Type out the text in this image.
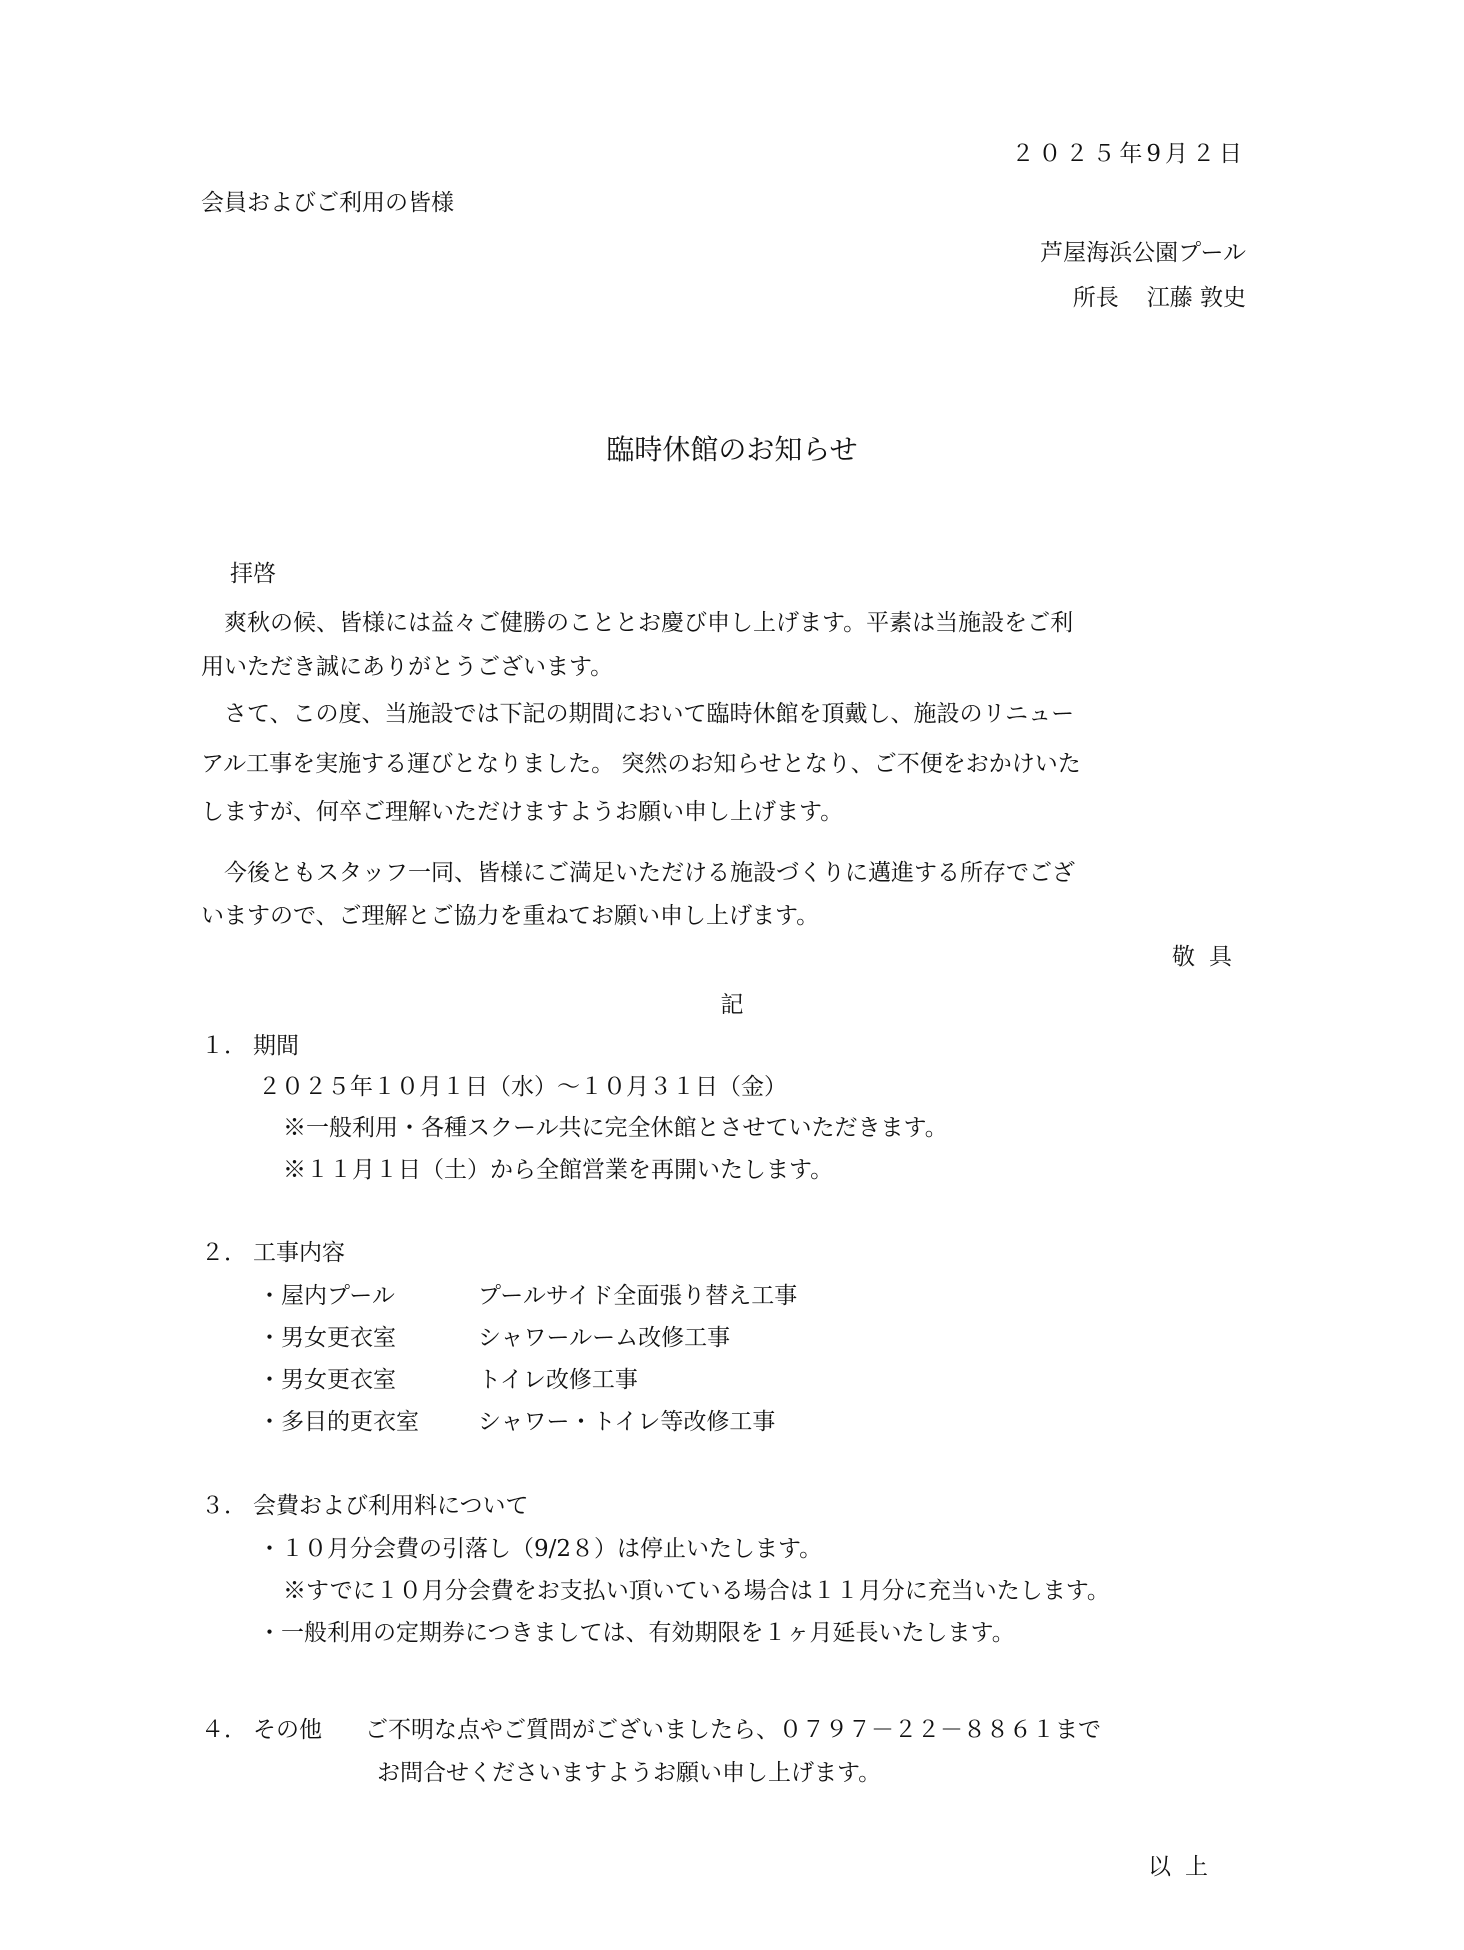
２０２５年9月２日
会員およびご利用の皆様
芦屋海浜公園プール
所長 江藤 敦史
臨時休館のお知らせ
拝啓
　爽秋の候、皆様には益々ご健勝のこととお慶び申し上げます。平素は当施設をご利
用いただき誠にありがとうございます。
　さて、この度、当施設では下記の期間において臨時休館を頂戴し、施設のリニュー
アル工事を実施する運びとなりました。 突然のお知らせとなり、ご不便をおかけいた
しますが、何卒ご理解いただけますようお願い申し上げます。
　今後ともスタッフ一同、皆様にご満足いただける施設づくりに邁進する所存でござ
いますので、ご理解とご協力を重ねてお願い申し上げます。
敬具
記
１． 期間
２０２５年１０月１日（水）～１０月３１日（金）
※一般利用・各種スクール共に完全休館とさせていただきます。
※１１月１日（土）から全館営業を再開いたします。
２． 工事内容
・屋内プール	プールサイド全面張り替え工事
・男女更衣室	シャワールーム改修工事
・男女更衣室	トイレ改修工事
・多目的更衣室	シャワー・トイレ等改修工事
３． 会費および利用料について
・１０月分会費の引落し（9/2８）は停止いたします。
※すでに１０月分会費をお支払い頂いている場合は１１月分に充当いたします。
・一般利用の定期券につきましては、有効期限を１ヶ月延長いたします。
４． その他 ご不明な点やご質問がございましたら、０７９７－２２－８８６１まで
お問合せくださいますようお願い申し上げます。
以上
